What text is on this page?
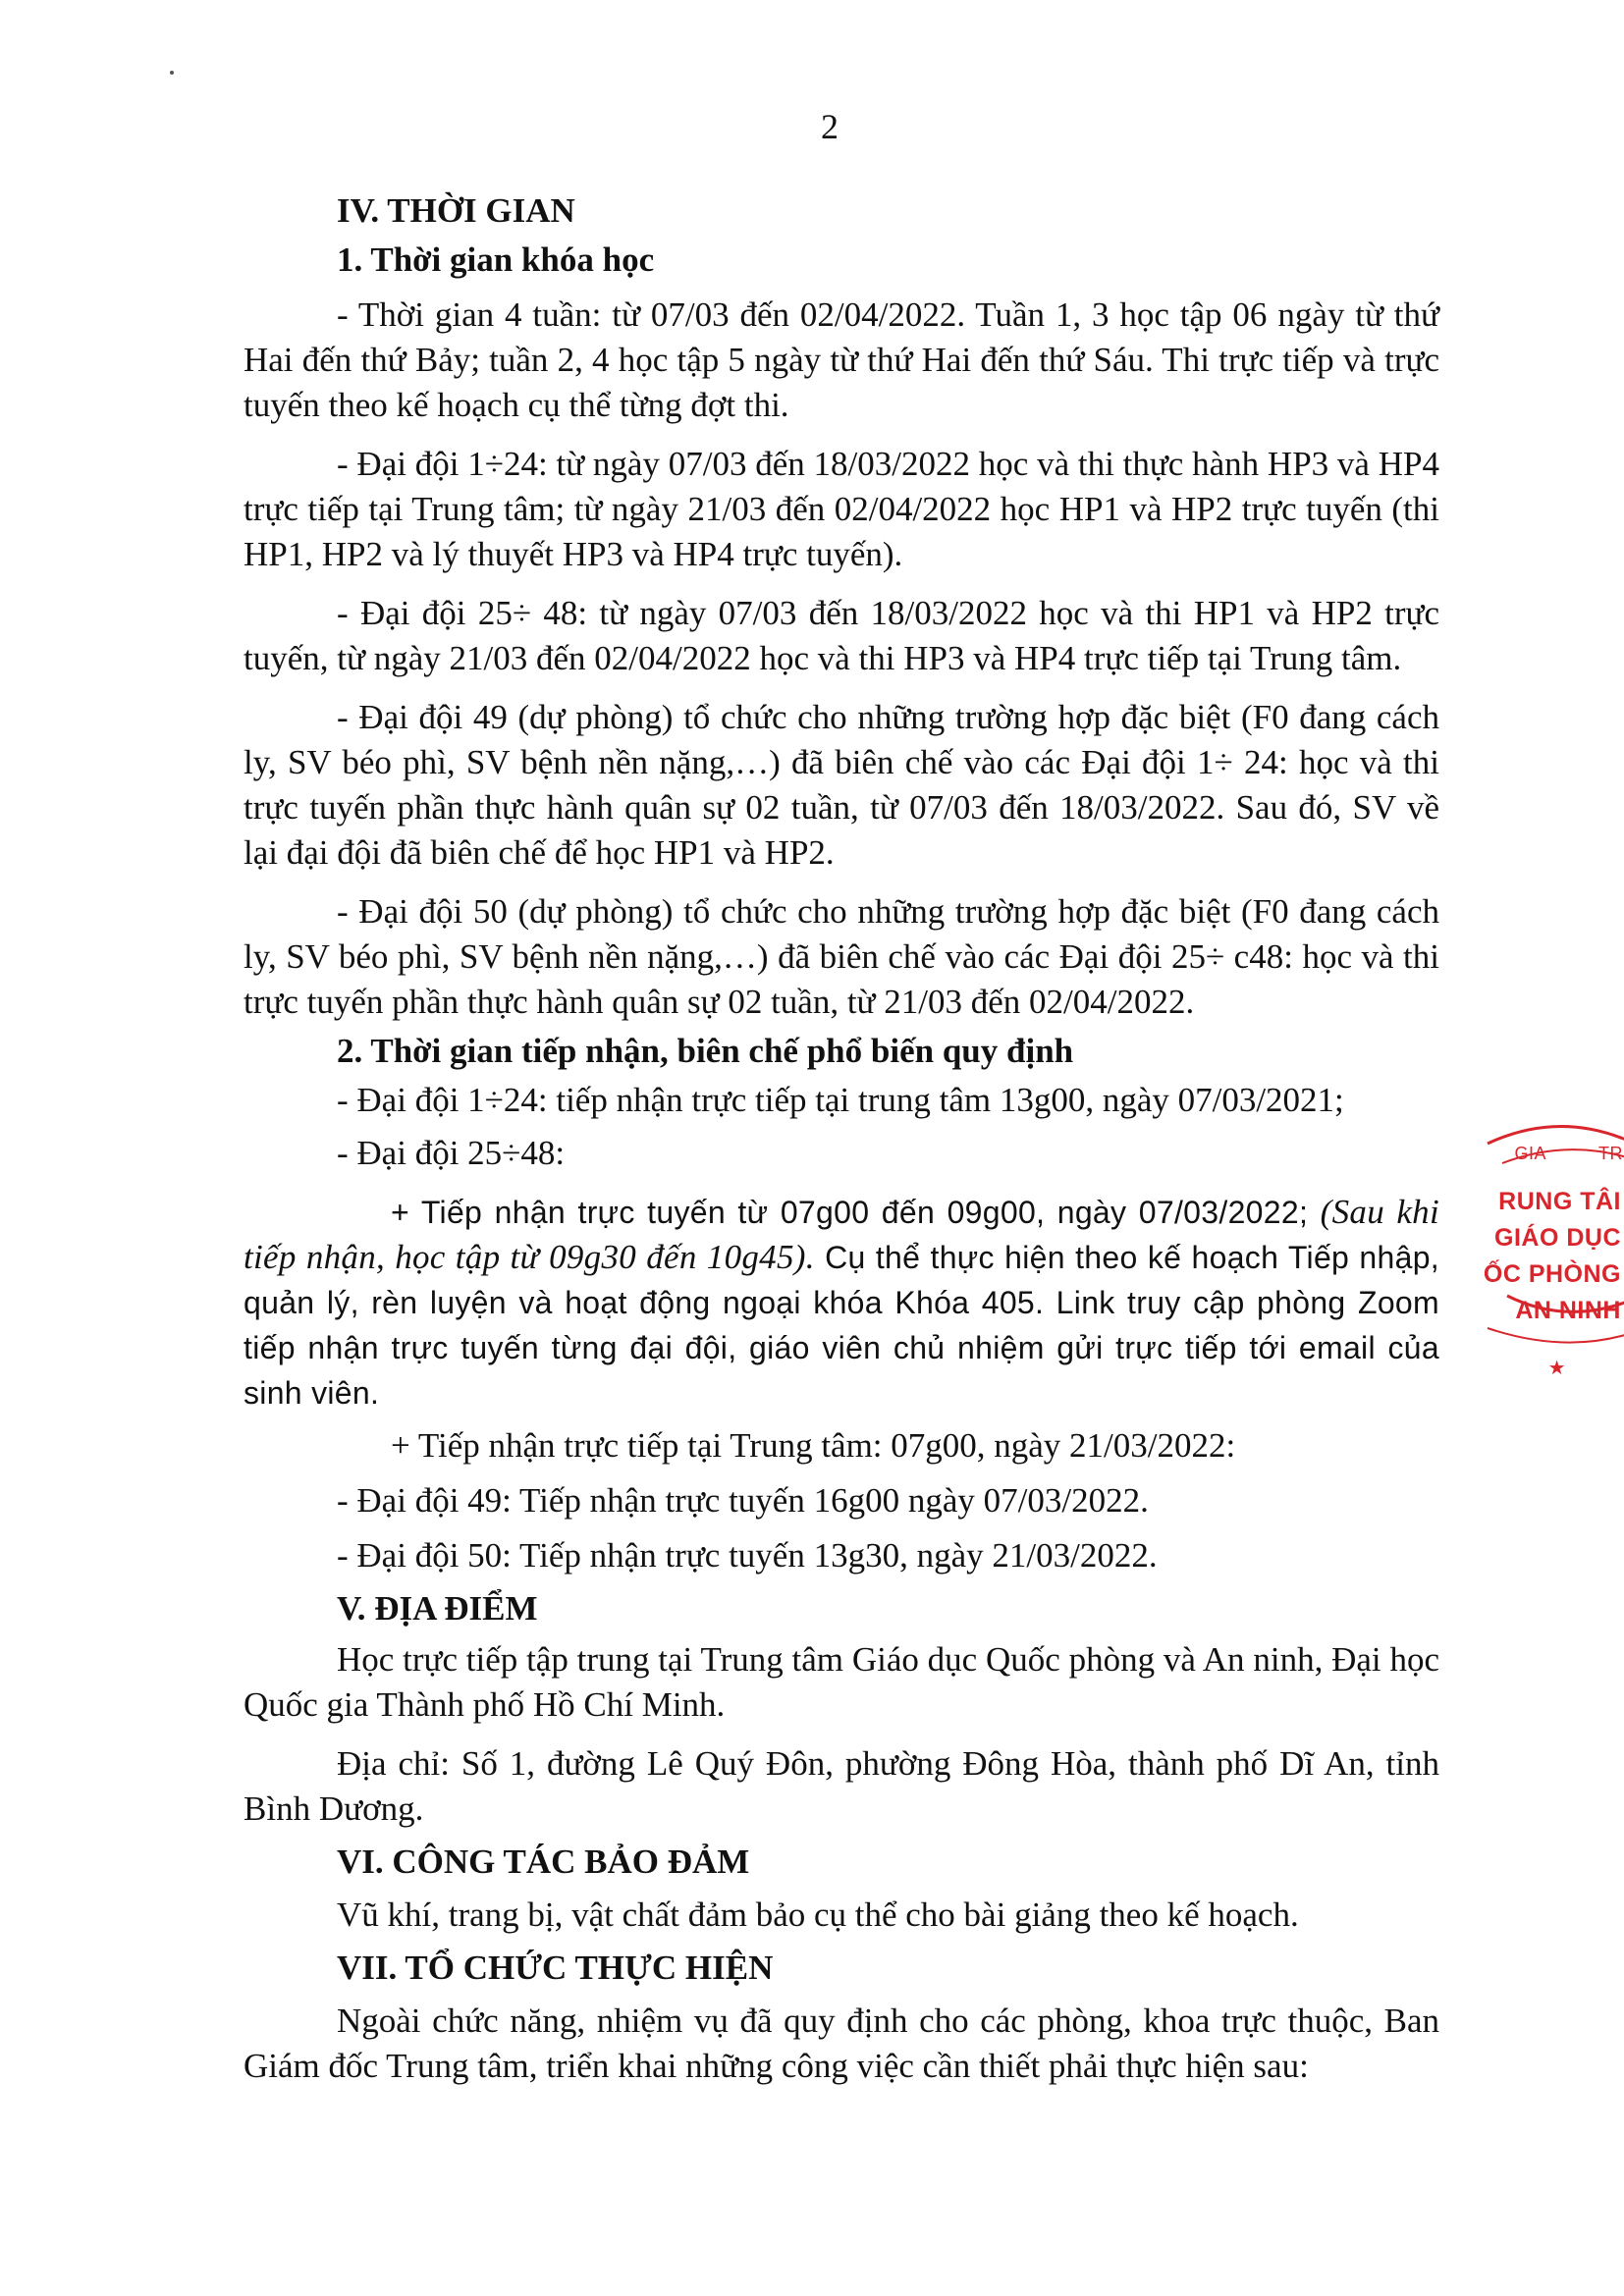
2

IV. THỜI GIAN

1. Thời gian khóa học

- Thời gian 4 tuần: từ 07/03 đến 02/04/2022. Tuần 1, 3 học tập 06 ngày từ thứ Hai đến thứ Bảy; tuần 2, 4 học tập 5 ngày từ thứ Hai đến thứ Sáu. Thi trực tiếp và trực tuyến theo kế hoạch cụ thể từng đợt thi.

- Đại đội 1÷24: từ ngày 07/03 đến 18/03/2022 học và thi thực hành HP3 và HP4 trực tiếp tại Trung tâm; từ ngày 21/03 đến 02/04/2022 học HP1 và HP2 trực tuyến (thi HP1, HP2 và lý thuyết HP3 và HP4 trực tuyến).

- Đại đội 25÷ 48: từ ngày 07/03 đến 18/03/2022 học và thi HP1 và HP2 trực tuyến, từ ngày 21/03 đến 02/04/2022 học và thi HP3 và HP4 trực tiếp tại Trung tâm.

- Đại đội 49 (dự phòng) tổ chức cho những trường hợp đặc biệt (F0 đang cách ly, SV béo phì, SV bệnh nền nặng,…) đã biên chế vào các Đại đội 1÷ 24: học và thi trực tuyến phần thực hành quân sự 02 tuần, từ 07/03 đến 18/03/2022. Sau đó, SV về lại đại đội đã biên chế để học HP1 và HP2.

- Đại đội 50 (dự phòng) tổ chức cho những trường hợp đặc biệt (F0 đang cách ly, SV béo phì, SV bệnh nền nặng,…) đã biên chế vào các Đại đội 25÷ c48: học và thi trực tuyến phần thực hành quân sự 02 tuần, từ 21/03 đến 02/04/2022.

2. Thời gian tiếp nhận, biên chế phổ biến quy định

- Đại đội 1÷24: tiếp nhận trực tiếp tại trung tâm 13g00, ngày 07/03/2021;

- Đại đội 25÷48:

+ Tiếp nhận trực tuyến từ 07g00 đến 09g00, ngày 07/03/2022; (Sau khi tiếp nhận, học tập từ 09g30 đến 10g45). Cụ thể thực hiện theo kế hoạch Tiếp nhập, quản lý, rèn luyện và hoạt động ngoại khóa Khóa 405. Link truy cập phòng Zoom tiếp nhận trực tuyến từng đại đội, giáo viên chủ nhiệm gửi trực tiếp tới email của sinh viên.

+ Tiếp nhận trực tiếp tại Trung tâm: 07g00, ngày 21/03/2022:

- Đại đội 49: Tiếp nhận trực tuyến 16g00 ngày 07/03/2022.

- Đại đội 50: Tiếp nhận trực tuyến 13g30, ngày 21/03/2022.

V. ĐỊA ĐIỂM

Học trực tiếp tập trung tại Trung tâm Giáo dục Quốc phòng và An ninh, Đại học Quốc gia Thành phố Hồ Chí Minh.

Địa chỉ: Số 1, đường Lê Quý Đôn, phường Đông Hòa, thành phố Dĩ An, tỉnh Bình Dương.

VI. CÔNG TÁC BẢO ĐẢM

Vũ khí, trang bị, vật chất đảm bảo cụ thể cho bài giảng theo kế hoạch.

VII. TỔ CHỨC THỰC HIỆN

Ngoài chức năng, nhiệm vụ đã quy định cho các phòng, khoa trực thuộc, Ban Giám đốc Trung tâm, triển khai những công việc cần thiết phải thực hiện sau:

GIA	TR
RUNG TÂI
GIÁO DỤC
ỐC PHÒNG
AN NINH
★
